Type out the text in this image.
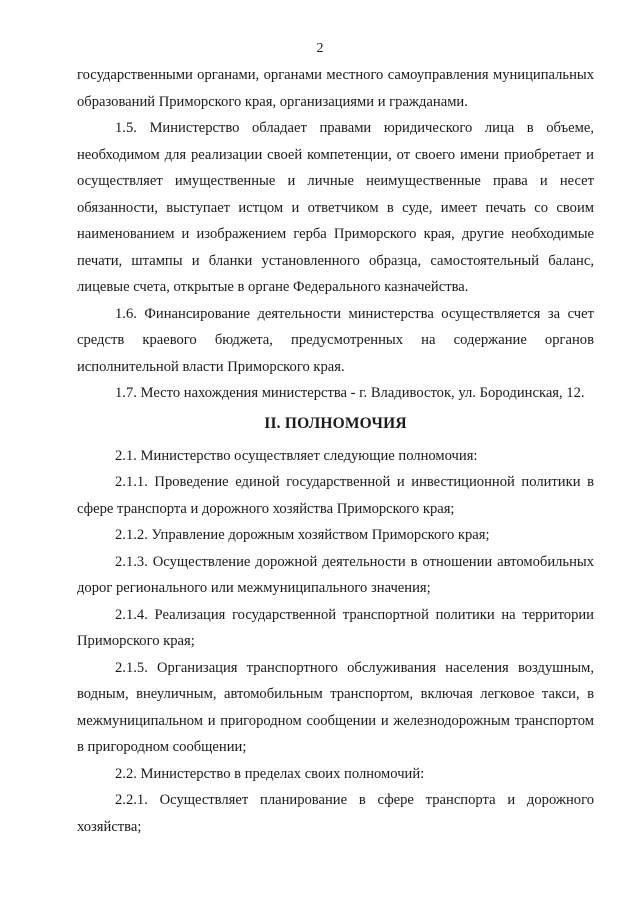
2

государственными органами, органами местного самоуправления муниципальных образований Приморского края, организациями и гражданами.

1.5. Министерство обладает правами юридического лица в объеме, необходимом для реализации своей компетенции, от своего имени приобретает и осуществляет имущественные и личные неимущественные права и несет обязанности, выступает истцом и ответчиком в суде, имеет печать со своим наименованием и изображением герба Приморского края, другие необходимые печати, штампы и бланки установленного образца, самостоятельный баланс, лицевые счета, открытые в органе Федерального казначейства.

1.6. Финансирование деятельности министерства осуществляется за счет средств краевого бюджета, предусмотренных на содержание органов исполнительной власти Приморского края.

1.7. Место нахождения министерства - г. Владивосток, ул. Бородинская, 12.

II. ПОЛНОМОЧИЯ

2.1. Министерство осуществляет следующие полномочия:

2.1.1. Проведение единой государственной и инвестиционной политики в сфере транспорта и дорожного хозяйства Приморского края;

2.1.2. Управление дорожным хозяйством Приморского края;

2.1.3. Осуществление дорожной деятельности в отношении автомобильных дорог регионального или межмуниципального значения;

2.1.4. Реализация государственной транспортной политики на территории Приморского края;

2.1.5. Организация транспортного обслуживания населения воздушным, водным, внеуличным, автомобильным транспортом, включая легковое такси, в межмуниципальном и пригородном сообщении и железнодорожным транспортом в пригородном сообщении;

2.2. Министерство в пределах своих полномочий:

2.2.1. Осуществляет планирование в сфере транспорта и дорожного хозяйства;
